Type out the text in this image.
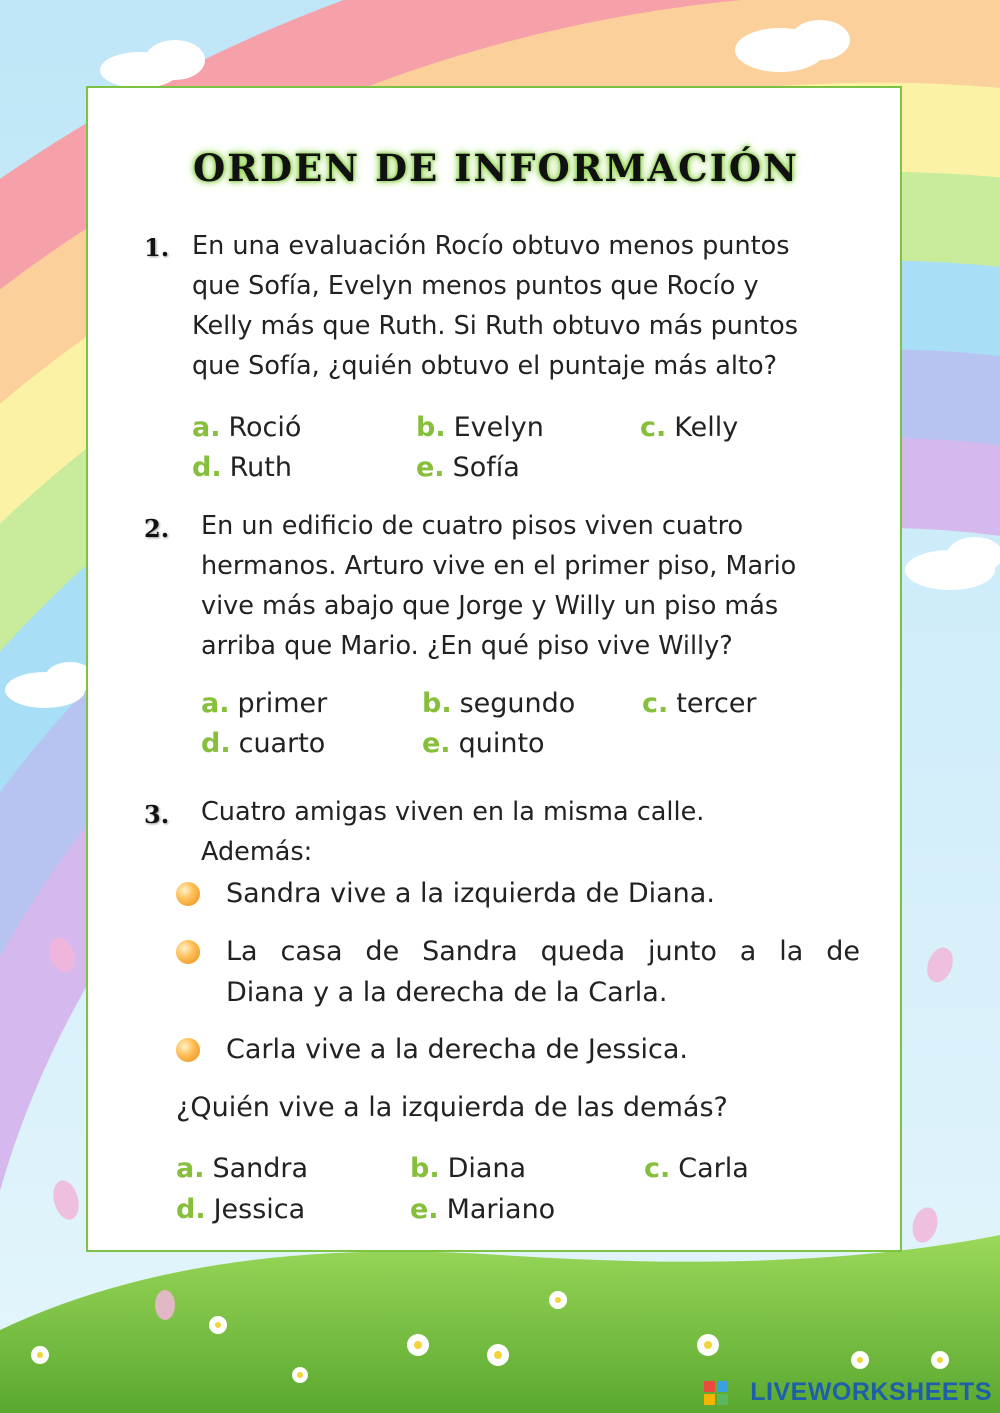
ORDEN DE INFORMACIÓN
1. En una evaluación Rocío obtuvo menos puntos
que Sofía, Evelyn menos puntos que Rocío y
Kelly más que Ruth. Si Ruth obtuvo más puntos
que Sofía, ¿quién obtuvo el puntaje más alto?
a. Roció	b. Evelyn	c. Kelly
d. Ruth	e. Sofía
2. En un edificio de cuatro pisos viven cuatro
hermanos. Arturo vive en el primer piso, Mario
vive más abajo que Jorge y Willy un piso más
arriba que Mario. ¿En qué piso vive Willy?
a. primer	b. segundo c. tercer
d. cuarto	e. quinto
3. Cuatro amigas viven en la misma calle.
Además:
Sandra vive a la izquierda de Diana.
La casa de Sandra queda junto a la de
Diana y a la derecha de la Carla.
Carla vive a la derecha de Jessica.
¿Quién vive a la izquierda de las demás?
a. Sandra	b. Diana	c. Carla
d. Jessica	e. Mariano
LIVEWORKSHEETS
